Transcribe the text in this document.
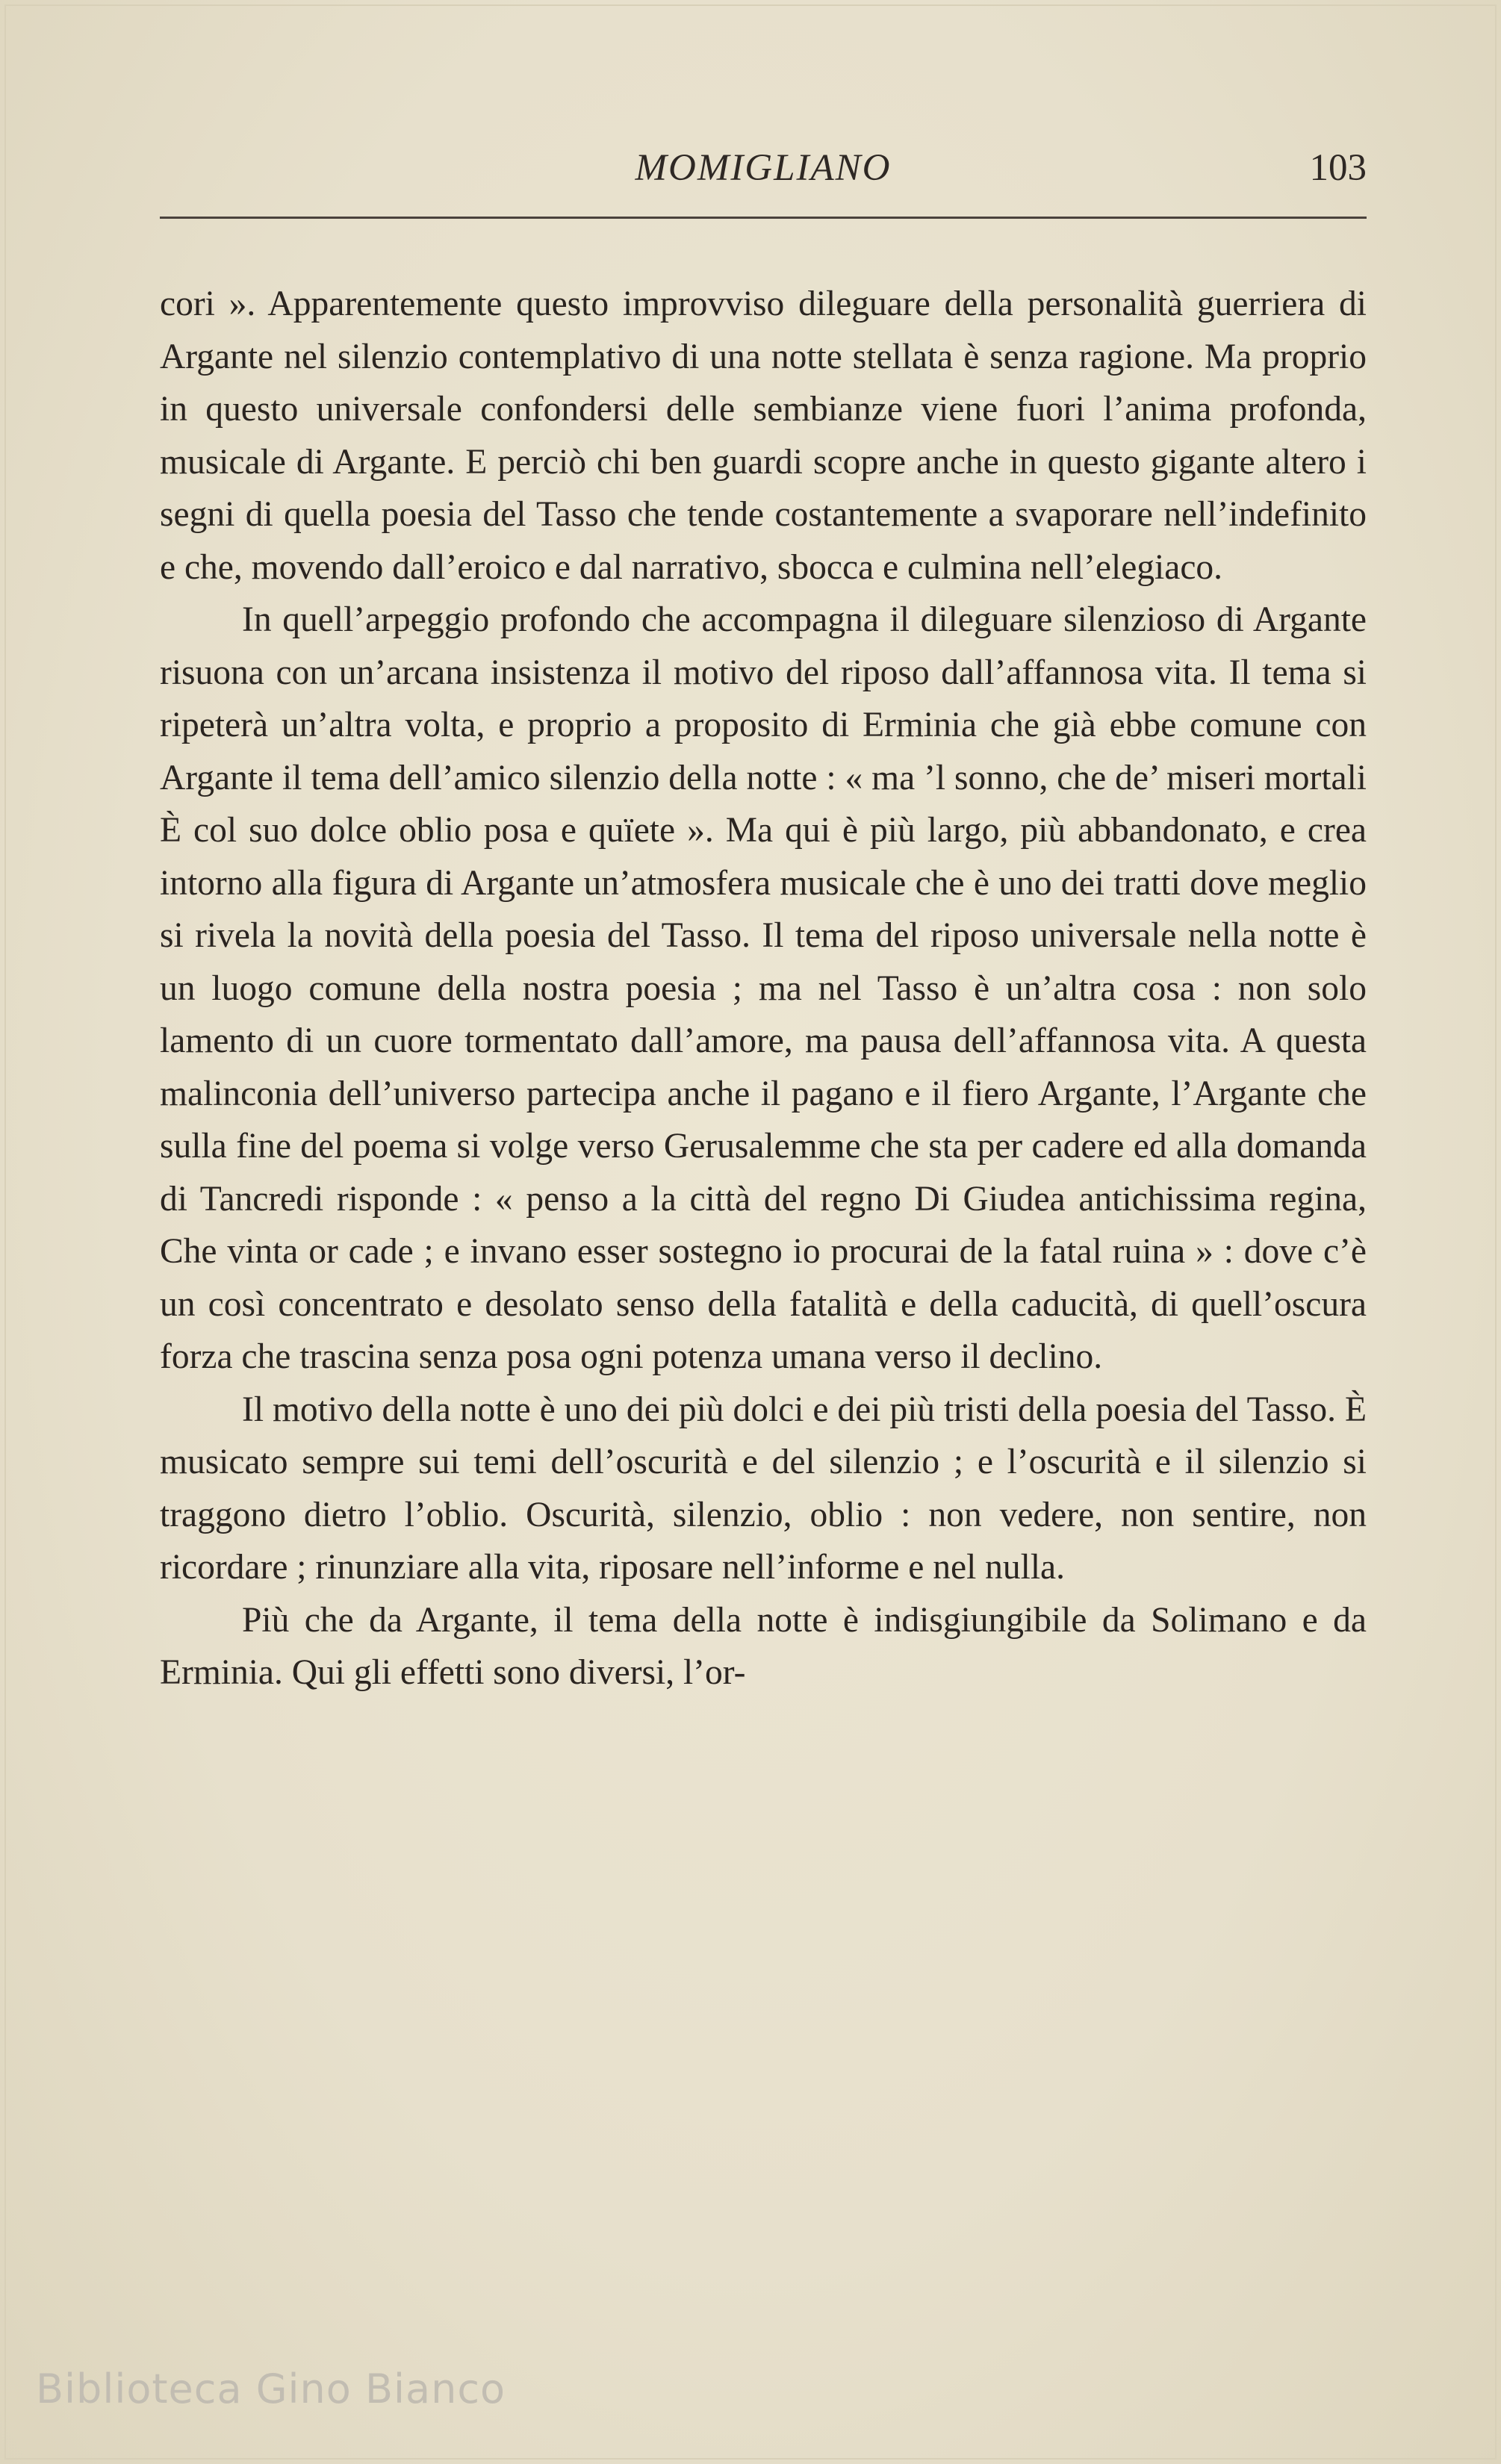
MOMIGLIANO	103

cori ». Apparentemente questo improvviso dileguare della personalità guerriera di Argante nel silenzio contemplativo di una notte stellata è senza ragione. Ma proprio in questo universale confondersi delle sembianze viene fuori l’anima profonda, musicale di Argante. E perciò chi ben guardi scopre anche in questo gigante altero i segni di quella poesia del Tasso che tende costantemente a svaporare nell’indefinito e che, movendo dall’eroico e dal narrativo, sbocca e culmina nell’elegiaco.

In quell’arpeggio profondo che accompagna il dileguare silenzioso di Argante risuona con un’arcana insistenza il motivo del riposo dall’affannosa vita. Il tema si ripeterà un’altra volta, e proprio a proposito di Erminia che già ebbe comune con Argante il tema dell’amico silenzio della notte : « ma ’l sonno, che de’ miseri mortali È col suo dolce oblio posa e quïete ». Ma qui è più largo, più abbandonato, e crea intorno alla figura di Argante un’atmosfera musicale che è uno dei tratti dove meglio si rivela la novità della poesia del Tasso. Il tema del riposo universale nella notte è un luogo comune della nostra poesia ; ma nel Tasso è un’altra cosa : non solo lamento di un cuore tormentato dall’amore, ma pausa dell’affannosa vita. A questa malinconia dell’universo partecipa anche il pagano e il fiero Argante, l’Argante che sulla fine del poema si volge verso Gerusalemme che sta per cadere ed alla domanda di Tancredi risponde : « penso a la città del regno Di Giudea antichissima regina, Che vinta or cade ; e invano esser sostegno io procurai de la fatal ruina » : dove c’è un così concentrato e desolato senso della fatalità e della caducità, di quell’oscura forza che trascina senza posa ogni potenza umana verso il declino.

Il motivo della notte è uno dei più dolci e dei più tristi della poesia del Tasso. È musicato sempre sui temi dell’oscurità e del silenzio ; e l’oscurità e il silenzio si traggono dietro l’oblio. Oscurità, silenzio, oblio : non vedere, non sentire, non ricordare ; rinunziare alla vita, riposare nell’informe e nel nulla.

Più che da Argante, il tema della notte è indisgiungibile da Solimano e da Erminia. Qui gli effetti sono diversi, l’or-

Biblioteca Gino Bianco
